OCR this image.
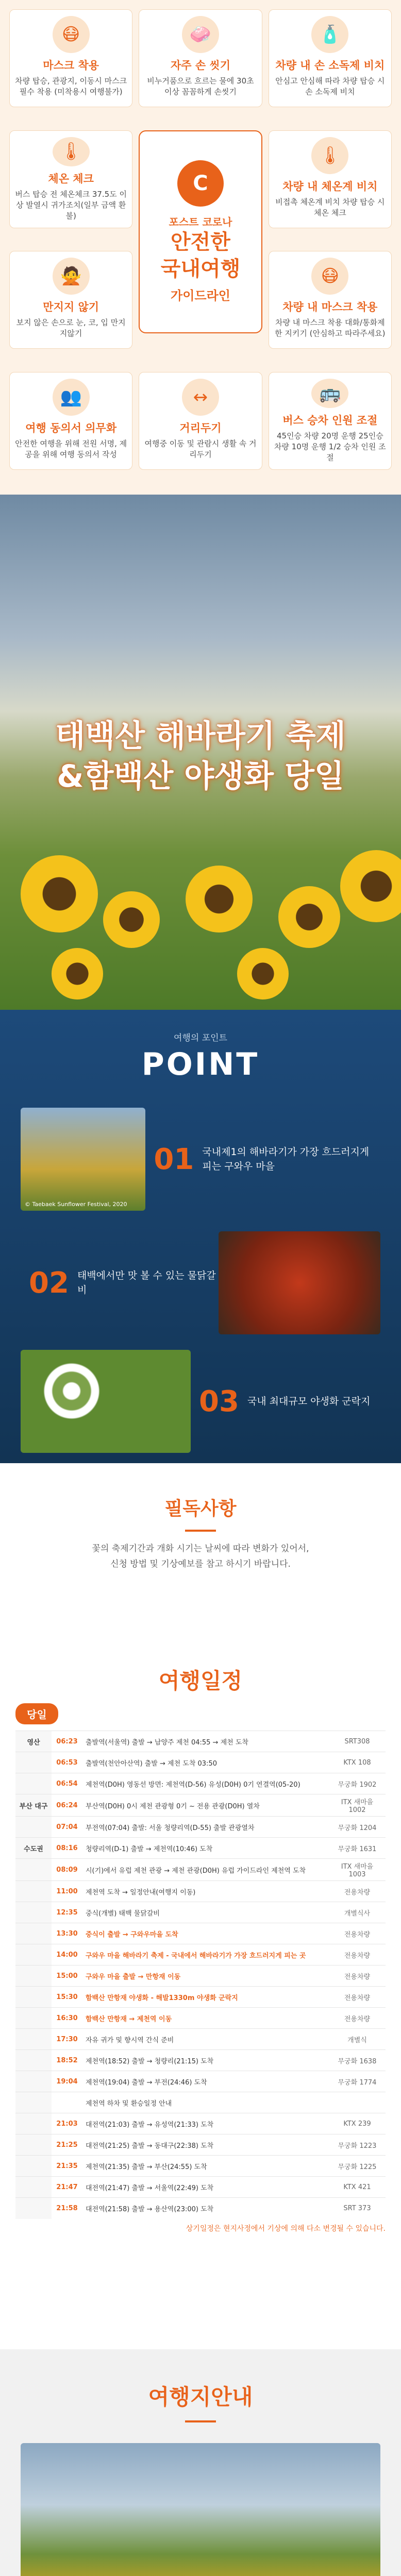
😷
마스크 착용

차량 탑승, 관광지, 이동시 마스크 필수 착용 (미착용시 여행불가)

🧼
자주 손 씻기

비누거품으로 흐르는 물에 30초이상 꼼꼼하게 손씻기

🧴
차량 내 손 소독제 비치

안심고 안심해 따라 차량 탑승 시 손 소독제 비치

🌡
체온 체크

버스 탑승 전 체온체크 37.5도 이상 발열시 귀가조치(일부 금액 환불)

C
포스트 코로나
안전한
국내여행
가이드라인
🌡
차량 내 체온계 비치

비접촉 체온계 비치 차량 탑승 시 체온 체크

🙅
만지지 않기

보지 않은 손으로 눈, 코, 입 만지지않기

😷
차량 내 마스크 착용

차량 내 마스크 착용 대화/통화제한 지키기 (안심하고 따라주세요)

👥
여행 동의서 의무화

안전한 여행을 위해 전원 서명, 제공을 위해 여행 동의서 작성

↔
거리두기

여행중 이동 및 관람시 생활 속 거리두기

🚌
버스 승차 인원 조절

45인승 차량 20명 운행 25인승 차량 10명 운행 1/2 승차 인원 조절

태백산 해바라기 축제
&함백산 야생화 당일
여행의 포인트
POINT
© Taebaek Sunflower Festival, 2020
01 국내제1의 해바라기가 가장 흐드러지게 피는 구와우 마을
태백에서만 맛 볼 수 있는 물닭갈비
02
03 국내 최대규모 야생화 군락지
필독사항

꽃의 축제기간과 개화 시기는 날씨에 따라 변화가 있어서,

신청 방법 및 기상예보를 참고 하시기 바랍니다.

여행일정
당일
영산	06:23	출발역(서울역) 출발 → 남양주 제천 04:55 → 제천 도착	SRT308
	06:53	출발역(천안아산역) 출발 → 제천 도착 03:50	KTX 108
	06:54	제천역(D0H) 영동선 방면: 제천역(D-56) 유성(D0H) 0기 연결역(05-20)	무궁화 1902
부산 대구	06:24	부산역(D0H) 0시 제천 관광형 0기 ~ 전용 관광(D0H) 열차	ITX 새마을 1002
	07:04	부전역(07:04) 출발: 서울 청량리역(D-55) 출발 관광열차	무궁화 1204
수도권	08:16	청량리역(D-1) 출발 → 제천역(10:46) 도착	무궁화 1631
	08:09	시(기)에서 유럽 제천 관광 → 제천 관광(D0H) 유럽 가이드라인 제천역 도착	ITX 새마을 1003
	11:00	제천역 도착 → 일정안내(여행지 이동)	전용차량
	12:35	중식(개별) 태백 물닭갈비	개별식사
	13:30	중식이 출발 → 구와우마을 도착	전용차량
	14:00	구와우 마을 해바라기 축제 - 국내에서 해바라기가 가장 흐드러지게 피는 곳	전용차량
	15:00	구와우 마을 출발 → 만항재 이동	전용차량
	15:30	함백산 만항재 야생화 - 해발1330m 야생화 군락지	전용차량
	16:30	함백산 만항재 → 제천역 이동	전용차량
	17:30	자유 귀가 및 향시역 간식 준비	개별식
	18:52	제천역(18:52) 출발 → 청량리(21:15) 도착	무궁화 1638
	19:04	제천역(19:04) 출발 → 부전(24:46) 도착	무궁화 1774
		제천역 하차 및 환승일정 안내	
	21:03	대전역(21:03) 출발 → 유성역(21:33) 도착	KTX 239
	21:25	대전역(21:25) 출발 → 동대구(22:38) 도착	무궁화 1223
	21:35	제천역(21:35) 출발 → 부산(24:55) 도착	무궁화 1225
	21:47	대전역(21:47) 출발 → 서울역(22:49) 도착	KTX 421
	21:58	대전역(21:58) 출발 → 용산역(23:00) 도착	SRT 373
상기일정은 현지사정에서 기상에 의해 다소 변경될 수 있습니다.
여행지안내
